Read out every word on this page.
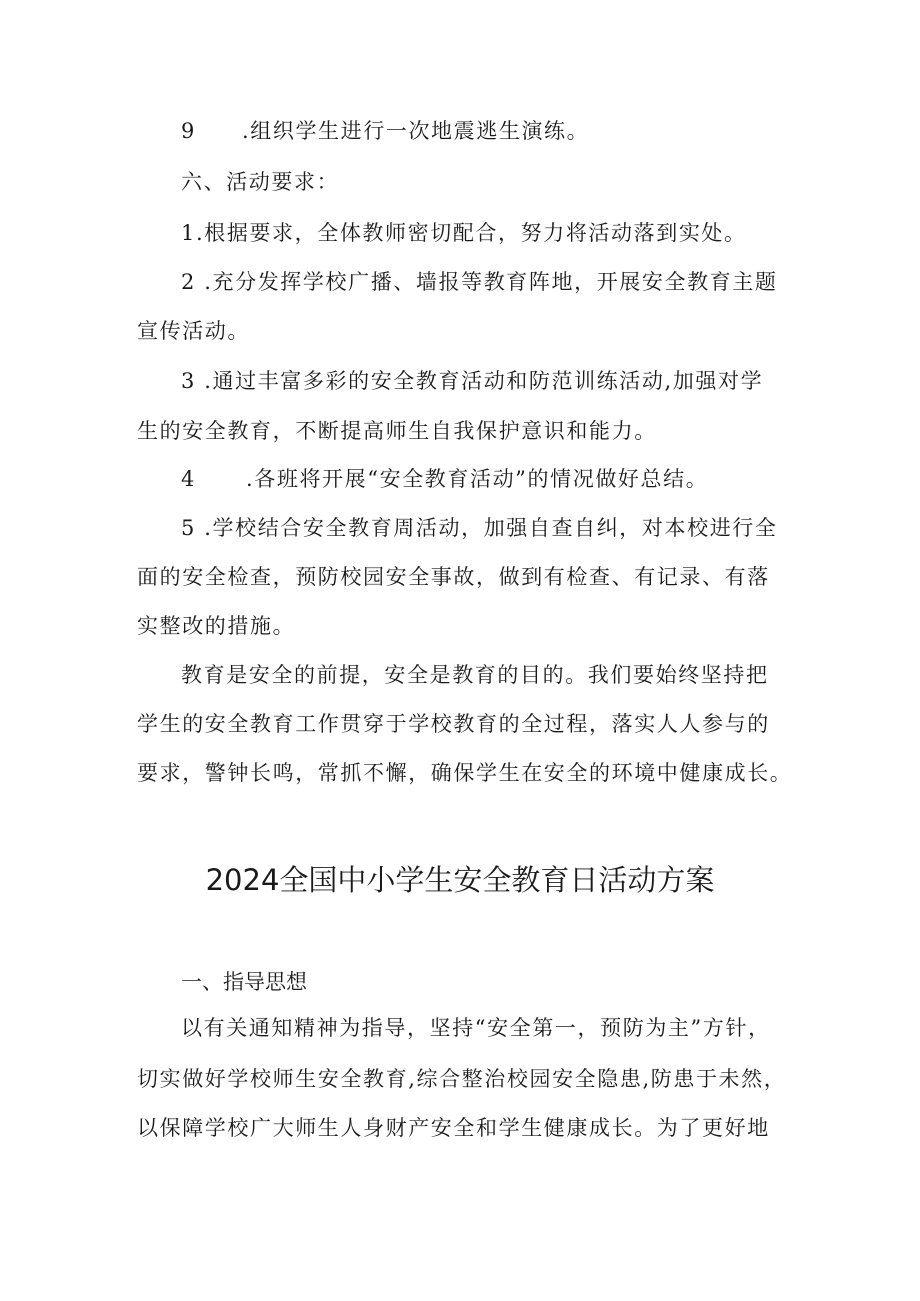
9 .组织学生进行一次地震逃生演练。

六、活动要求：

1.根据要求，全体教师密切配合，努力将活动落到实处。

2 .充分发挥学校广播、墙报等教育阵地，开展安全教育主题

宣传活动。

3 .通过丰富多彩的安全教育活动和防范训练活动,加强对学

生的安全教育，不断提高师生自我保护意识和能力。

4 .各班将开展“安全教育活动”的情况做好总结。

5 .学校结合安全教育周活动，加强自查自纠，对本校进行全

面的安全检查，预防校园安全事故，做到有检查、有记录、有落

实整改的措施。

教育是安全的前提，安全是教育的目的。我们要始终坚持把

学生的安全教育工作贯穿于学校教育的全过程，落实人人参与的

要求，警钟长鸣，常抓不懈，确保学生在安全的环境中健康成长。

2024全国中小学生安全教育日活动方案
一、指导思想

以有关通知精神为指导，坚持“安全第一，预防为主”方针，

切实做好学校师生安全教育,综合整治校园安全隐患,防患于未然，

以保障学校广大师生人身财产安全和学生健康成长。为了更好地
